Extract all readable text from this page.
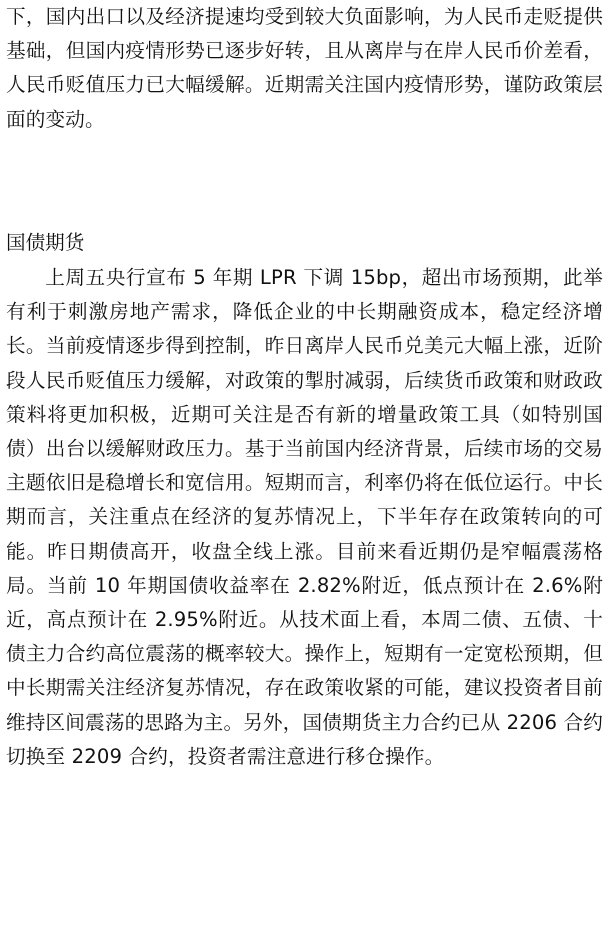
下，国内出口以及经济提速均受到较大负面影响，为人民币走贬提供基础，但国内疫情形势已逐步好转，且从离岸与在岸人民币价差看，人民币贬值压力已大幅缓解。近期需关注国内疫情形势，谨防政策层面的变动。

国债期货

上周五央行宣布 5 年期 LPR 下调 15bp，超出市场预期，此举有利于刺激房地产需求，降低企业的中长期融资成本，稳定经济增长。当前疫情逐步得到控制，昨日离岸人民币兑美元大幅上涨，近阶段人民币贬值压力缓解，对政策的掣肘减弱，后续货币政策和财政政策料将更加积极，近期可关注是否有新的增量政策工具（如特别国债）出台以缓解财政压力。基于当前国内经济背景，后续市场的交易主题依旧是稳增长和宽信用。短期而言，利率仍将在低位运行。中长期而言，关注重点在经济的复苏情况上，下半年存在政策转向的可能。昨日期债高开，收盘全线上涨。目前来看近期仍是窄幅震荡格局。当前 10 年期国债收益率在 2.82%附近，低点预计在 2.6%附近，高点预计在 2.95%附近。从技术面上看，本周二债、五债、十债主力合约高位震荡的概率较大。操作上，短期有一定宽松预期，但中长期需关注经济复苏情况，存在政策收紧的可能，建议投资者目前维持区间震荡的思路为主。另外，国债期货主力合约已从 2206 合约切换至 2209 合约，投资者需注意进行移仓操作。
